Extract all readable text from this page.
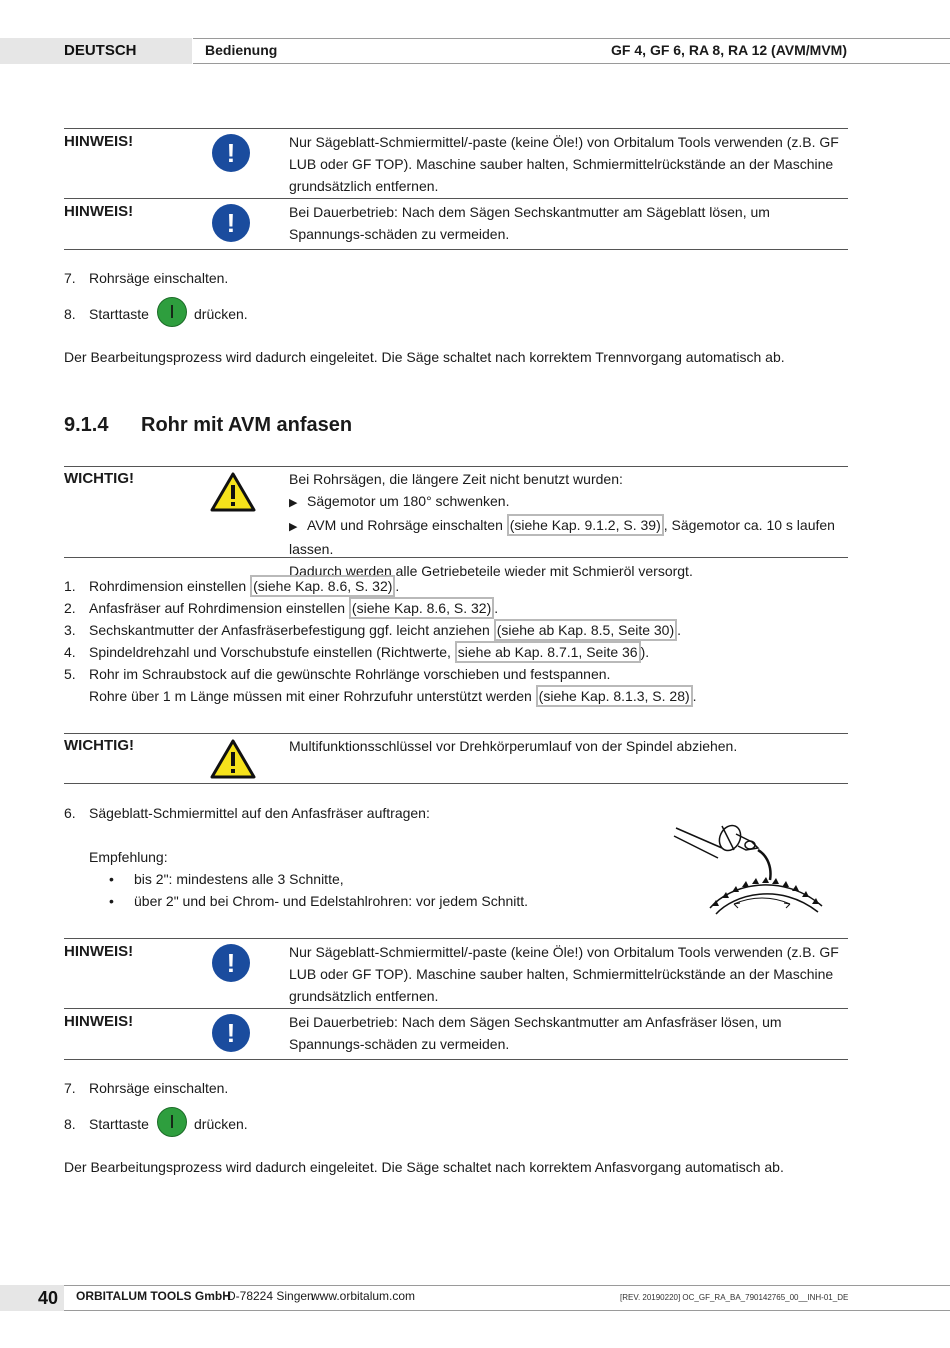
DEUTSCH	Bedienung	GF 4, GF 6, RA 8, RA 12 (AVM/MVM)
HINWEIS!	!	Nur Sägeblatt-Schmiermittel/-paste (keine Öle!) von Orbitalum Tools verwenden (z.B. GF LUB oder GF TOP). Maschine sauber halten, Schmiermittelrückstände an der Maschine grundsätzlich entfernen.
HINWEIS!	!	Bei Dauerbetrieb: Nach dem Sägen Sechskantmutter am Sägeblatt lösen, um Spannungs-schäden zu vermeiden.
7. Rohrsäge einschalten.
8. Starttaste	I	drücken.
Der Bearbeitungsprozess wird dadurch eingeleitet. Die Säge schaltet nach korrektem Trennvorgang automatisch ab.
9.1.4 Rohr mit AVM anfasen
WICHTIG!	Bei Rohrsägen, die längere Zeit nicht benutzt wurden:
▶ Sägemotor um 180° schwenken.
▶ AVM und Rohrsäge einschalten (siehe Kap. 9.1.2, S. 39) , Sägemotor ca. 10 s laufen lassen.
Dadurch werden alle Getriebeteile wieder mit Schmieröl versorgt.
1. Rohrdimension einstellen (siehe Kap. 8.6, S. 32) .
2. Anfasfräser auf Rohrdimension einstellen (siehe Kap. 8.6, S. 32) .
3. Sechskantmutter der Anfasfräserbefestigung ggf. leicht anziehen (siehe ab Kap. 8.5, Seite 30) .
4. Spindeldrehzahl und Vorschubstufe einstellen (Richtwerte, siehe ab Kap. 8.7.1, Seite 36 ).
5. Rohr im Schraubstock auf die gewünschte Rohrlänge vorschieben und festspannen.
Rohre über 1 m Länge müssen mit einer Rohrzufuhr unterstützt werden (siehe Kap. 8.1.3, S. 28) .
WICHTIG!	Multifunktionsschlüssel vor Drehkörperumlauf von der Spindel abziehen.
6. Sägeblatt-Schmiermittel auf den Anfasfräser auftragen:
Empfehlung:
• bis 2": mindestens alle 3 Schnitte,
• über 2" und bei Chrom- und Edelstahlrohren: vor jedem Schnitt.
HINWEIS!	!	Nur Sägeblatt-Schmiermittel/-paste (keine Öle!) von Orbitalum Tools verwenden (z.B. GF LUB oder GF TOP). Maschine sauber halten, Schmiermittelrückstände an der Maschine grundsätzlich entfernen.
HINWEIS!	!	Bei Dauerbetrieb: Nach dem Sägen Sechskantmutter am Anfasfräser lösen, um Spannungs-schäden zu vermeiden.
7. Rohrsäge einschalten.
8. Starttaste	I	drücken.
Der Bearbeitungsprozess wird dadurch eingeleitet. Die Säge schaltet nach korrektem Anfasvorgang automatisch ab.
40	ORBITALUM TOOLS GmbH
D-78224 Singen
www.orbitalum.com	[REV. 20190220] OC_GF_RA_BA_790142765_00__INH-01_DE
